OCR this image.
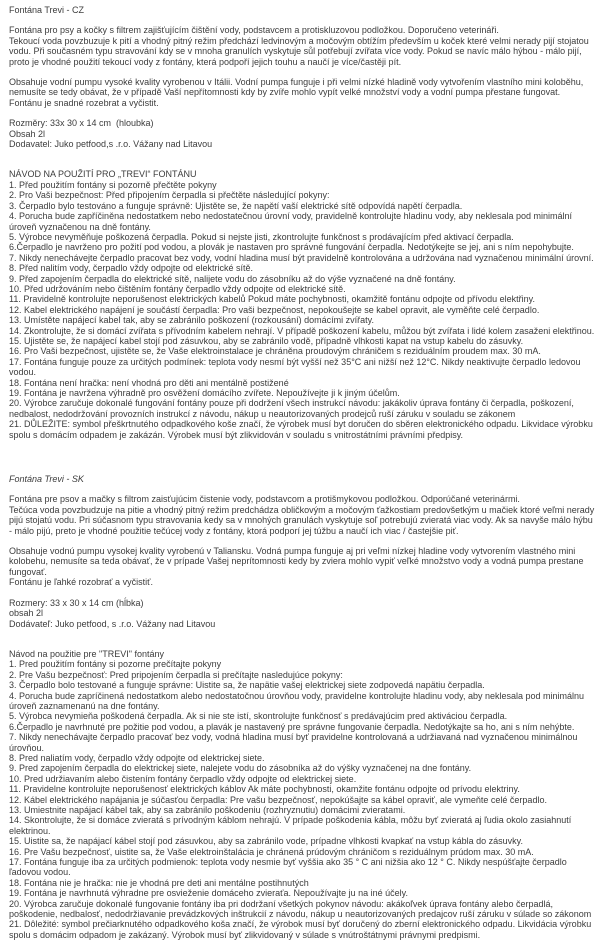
Fontána Trevi - CZ
Fontána pro psy a kočky s filtrem zajišťujícím čištění vody, podstavcem a protiskluzovou podložkou. Doporučeno veterináři.
Tekoucí voda povzbuzuje k pití a vhodný pitný režim předchází ledvinovým a močovým obtížím především u koček které velmi nerady pijí stojatou vodu. Při současném typu stravování kdy se v mnoha granulích vyskytuje sůl potřebují zvířata více vody. Pokud se navíc málo hýbou - málo pijí, proto je vhodné použití tekoucí vody z fontány, která podpoří jejich touhu a naučí je více/častěji pít.
Obsahuje vodní pumpu vysoké kvality vyrobenou v Itálii. Vodní pumpa funguje i při velmi nízké hladině vody vytvořením vlastního mini koloběhu, nemusíte se tedy obávat, že v případě Vaší nepřítomnosti kdy by zvíře mohlo vypít velké množství vody a vodní pumpa přestane fungovat.
Fontánu je snadné rozebrat a vyčistit.
Rozměry: 33x 30 x 14 cm  (hloubka)
Obsah 2l
Dodavatel: Juko petfood,s .r.o. Vážany nad Litavou
NÁVOD NA POUŽITÍ PRO „TREVI“ FONTÁNU
1. Před použitím fontány si pozorně přečtěte pokyny
2. Pro Vaši bezpečnost: Před připojením čerpadla si přečtěte následující pokyny:
3. Čerpadlo bylo testováno a funguje správně: Ujistěte se, že napětí vaší elektrické sítě odpovídá napětí čerpadla.
4. Porucha bude zapříčiněna nedostatkem nebo nedostatečnou úrovní vody, pravidelně kontrolujte hladinu vody, aby neklesala pod minimální úroveň vyznačenou na dně fontány.
5. Výrobce nevyměňuje poškozená čerpadla. Pokud si nejste jisti, zkontrolujte funkčnost s prodávajícím před aktivací čerpadla.
6.Čerpadlo je navrženo pro požití pod vodou, a plovák je nastaven pro správné fungování čerpadla. Nedotýkejte se jej, ani s ním nepohybujte.
7. Nikdy nenechávejte čerpadlo pracovat bez vody, vodní hladina musí být pravidelně kontrolována a udržována nad vyznačenou minimální úrovní.
8. Před nalitím vody, čerpadlo vždy odpojte od elektrické sítě.
9. Před zapojením čerpadla do elektrické sítě, nalijete vodu do zásobníku až do výše vyznačené na dně fontány.
10. Před udržováním nebo čištěním fontány čerpadlo vždy odpojte od elektrické sítě.
11. Pravidelně kontrolujte neporušenost elektrických kabelů Pokud máte pochybnosti, okamžitě fontánu odpojte od přívodu elektřiny.
12. Kabel elektrického napájení je součástí čerpadla: Pro vaši bezpečnost, nepokoušejte se kabel opravit, ale vyměňte celé čerpadlo.
13. Umístěte napájecí kabel tak, aby se zabránilo poškození (rozkousání) domácími zvířaty.
14. Zkontrolujte, že si domácí zvířata s přívodním kabelem nehrají. V případě poškození kabelu, můžou být zvířata i lidé kolem zasaženi elektřinou.
15. Ujistěte se, že napájecí kabel stojí pod zásuvkou, aby se zabránilo vodě, případně vlhkosti kapat na vstup kabelu do zásuvky.
16. Pro Vaši bezpečnost, ujistěte se, že Vaše elektroinstalace je chráněna proudovým chráničem s reziduálním proudem max. 30 mA.
17. Fontána funguje pouze za určitých podmínek: teplota vody nesmí být vyšší než 35°C ani nižší než 12°C. Nikdy neaktivujte čerpadlo ledovou vodou.
18. Fontána není hračka: není vhodná pro děti ani mentálně postižené
19. Fontána je navržena výhradně pro osvěžení domácího zvířete. Nepoužívejte ji k jiným účelům.
20. Výrobce zaručuje dokonalé fungování fontány pouze při dodržení všech instrukcí návodu: jakákoliv úprava fontány či čerpadla, poškození, nedbalost, nedodržování provozních instrukcí z návodu, nákup u neautorizovaných prodejců ruší záruku v souladu se zákonem
21. DŮLEŽITE: symbol přeškrtnutého odpadkového koše značí, že výrobek musí byt doručen do sběren elektronického odpadu. Likvidace výrobku spolu s domácím odpadem je zakázán. Výrobek musí být zlikvidován v souladu s vnitrostátními právními předpisy.
Fontána Trevi - SK
Fontána pre psov a mačky s filtrom zaisťujúcim čistenie vody, podstavcom a protišmykovou podložkou. Odporúčané veterinármi.
Tečúca voda povzbudzuje na pitie a vhodný pitný režim predchádza obličkovým a močovým ťažkostiam predovšetkým u mačiek ktoré veľmi nerady pijú stojatú vodu. Pri súčasnom typu stravovania kedy sa v mnohých granulách vyskytuje soľ potrebujú zvieratá viac vody. Ak sa navyše málo hýbu - málo pijú, preto je vhodné použitie tečúcej vody z fontány, ktorá podporí jej túžbu a naučí ich viac / častejšie piť.
Obsahuje vodnú pumpu vysokej kvality vyrobenú v Taliansku. Vodná pumpa funguje aj pri veľmi nízkej hladine vody vytvorením vlastného mini kolobehu, nemusíte sa teda obávať, že v prípade Vašej neprítomnosti kedy by zviera mohlo vypiť veľké množstvo vody a vodná pumpa prestane fungovať.
Fontánu je ľahké rozobrať a vyčistiť.
Rozmery: 33 x 30 x 14 cm (hĺbka)
obsah 2l
Dodávateľ: Juko petfood, s .r.o. Vážany nad Litavou
Návod na použitie pre "TREVI" fontány
1. Pred použitím fontány si pozorne prečítajte pokyny
2. Pre Vašu bezpečnosť: Pred pripojením čerpadla si prečítajte nasledujúce pokyny:
3. Čerpadlo bolo testované a funguje správne: Uistite sa, že napätie vašej elektrickej siete zodpovedá napätiu čerpadla.
4. Porucha bude zapríčinená nedostatkom alebo nedostatočnou úrovňou vody, pravidelne kontrolujte hladinu vody, aby neklesala pod minimálnu úroveň zaznamenanú na dne fontány.
5. Výrobca nevymieňa poškodená čerpadla. Ak si nie ste istí, skontrolujte funkčnosť s predávajúcim pred aktiváciou čerpadla.
6.Čerpadlo je navrhnuté pre požitie pod vodou, a plavák je nastavený pre správne fungovanie čerpadla. Nedotýkajte sa ho, ani s ním nehýbte.
7. Nikdy nenechávajte čerpadlo pracovať bez vody, vodná hladina musí byť pravidelne kontrolovaná a udržiavaná nad vyznačenou minimálnou úrovňou.
8. Pred naliatím vody, čerpadlo vždy odpojte od elektrickej siete.
9. Pred zapojením čerpadla do elektrickej siete, nalejete vodu do zásobníka až do výšky vyznačenej na dne fontány.
10. Pred udržiavaním alebo čistením fontány čerpadlo vždy odpojte od elektrickej siete.
11. Pravidelne kontrolujte neporušenosť elektrických káblov Ak máte pochybnosti, okamžite fontánu odpojte od prívodu elektriny.
12. Kábel elektrického napájania je súčasťou čerpadla: Pre vašu bezpečnosť, nepokúšajte sa kábel opraviť, ale vymeňte celé čerpadlo.
13. Umiestnite napájací kábel tak, aby sa zabránilo poškodeniu (rozhryznutiu) domácimi zvieratami.
14. Skontrolujte, že si domáce zvieratá s prívodným káblom nehrajú. V prípade poškodenia kábla, môžu byť zvieratá aj ľudia okolo zasiahnutí elektrinou.
15. Uistite sa, že napájací kábel stojí pod zásuvkou, aby sa zabránilo vode, prípadne vlhkosti kvapkať na vstup kábla do zásuvky.
16. Pre Vašu bezpečnosť, uistite sa, že Vaše elektroinštalácia je chránená prúdovým chráničom s reziduálnym prúdom max. 30 mA.
17. Fontána funguje iba za určitých podmienok: teplota vody nesmie byť vyššia ako 35 ° C ani nižšia ako 12 ° C. Nikdy nespúšťajte čerpadlo ľadovou vodou.
18. Fontána nie je hračka: nie je vhodná pre deti ani mentálne postihnutých
19. Fontána je navrhnutá výhradne pre osvieženie domáceho zvieraťa. Nepoužívajte ju na iné účely.
20. Výrobca zaručuje dokonalé fungovanie fontány iba pri dodržaní všetkých pokynov návodu: akákoľvek úprava fontány alebo čerpadlá, poškodenie, nedbalosť, nedodržiavanie prevádzkových inštrukcií z návodu, nákup u neautorizovaných predajcov ruší záruku v súlade so zákonom
21. Dôležité: symbol prečiarknutého odpadkového koša značí, že výrobok musí byť doručený do zberní elektronického odpadu. Likvidácia výrobku spolu s domácim odpadom je zakázaný. Výrobok musí byť zlikvidovaný v súlade s vnútroštátnymi právnymi predpismi.
